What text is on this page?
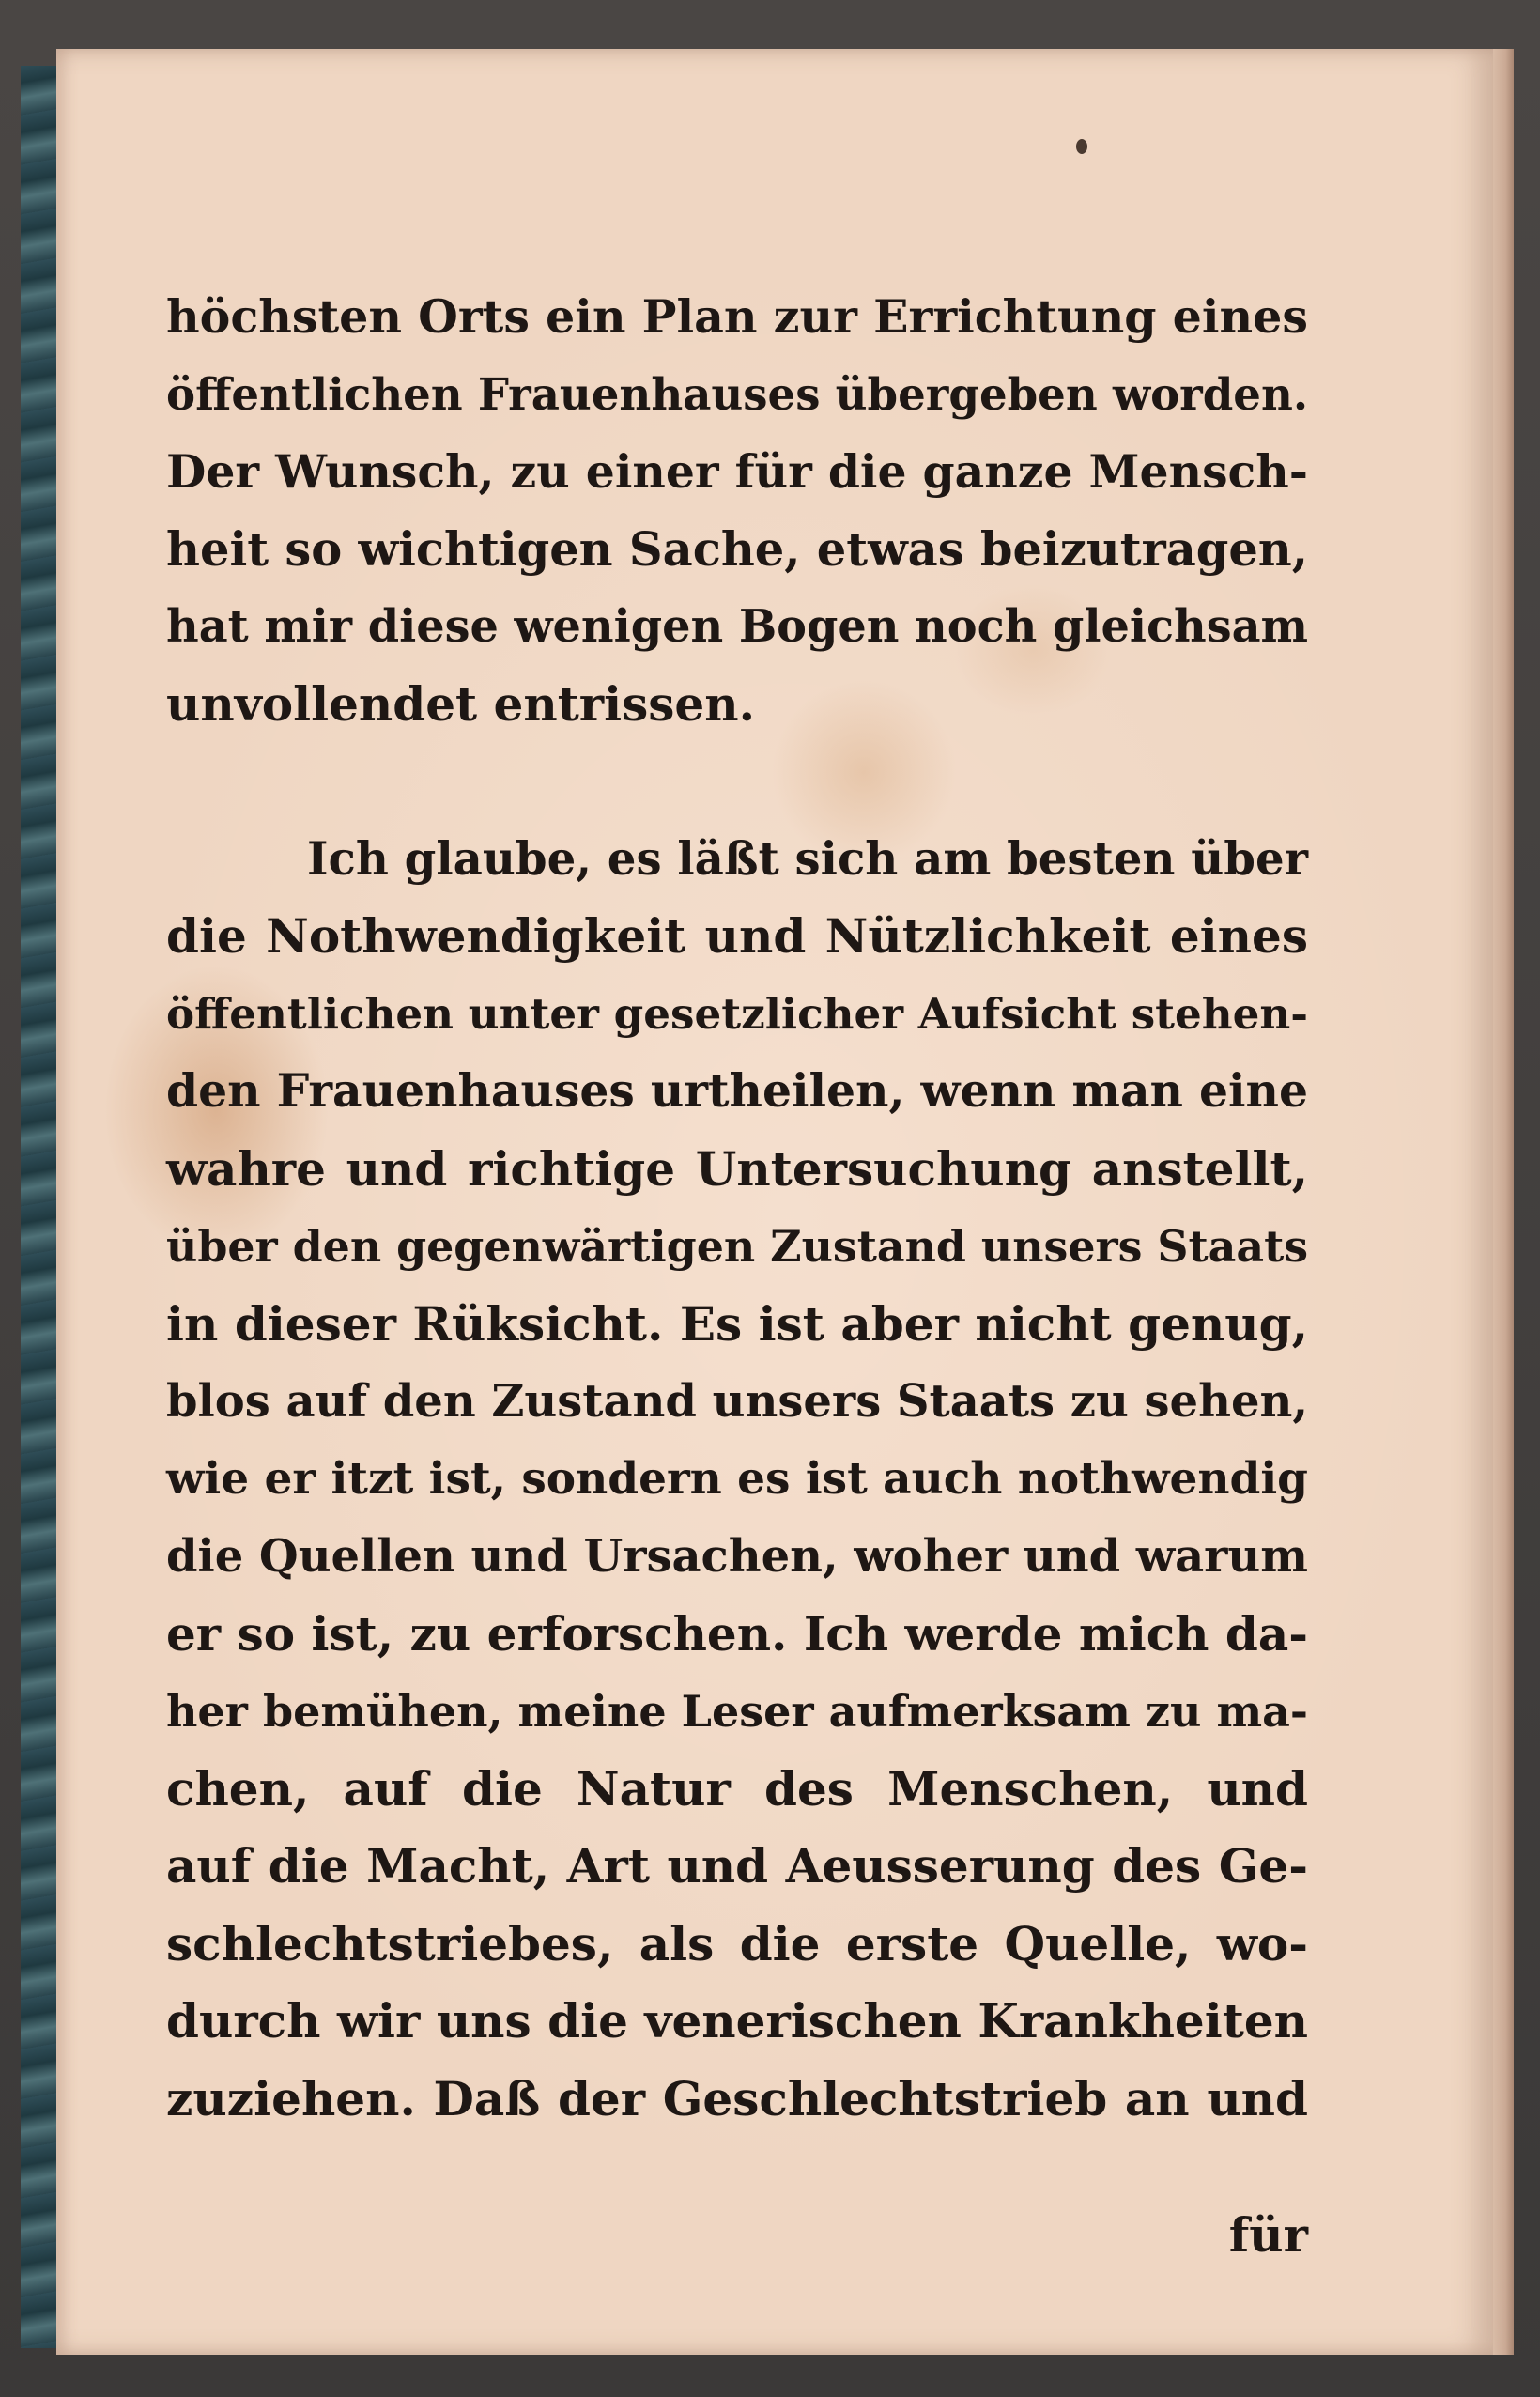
höchsten Orts ein Plan zur Errichtung eines
öffentlichen Frauenhauses übergeben worden.
Der Wunsch, zu einer für die ganze Mensch-
heit so wichtigen Sache, etwas beizutragen,
hat mir diese wenigen Bogen noch gleichsam
unvollendet entrissen.
Ich glaube, es läßt sich am besten über
die Nothwendigkeit und Nützlichkeit eines
öffentlichen unter gesetzlicher Aufsicht stehen-
den Frauenhauses urtheilen, wenn man eine
wahre und richtige Untersuchung anstellt,
über den gegenwärtigen Zustand unsers Staats
in dieser Rüksicht. Es ist aber nicht genug,
blos auf den Zustand unsers Staats zu sehen,
wie er itzt ist, sondern es ist auch nothwendig
die Quellen und Ursachen, woher und warum
er so ist, zu erforschen. Ich werde mich da-
her bemühen, meine Leser aufmerksam zu ma-
chen, auf die Natur des Menschen, und
auf die Macht, Art und Aeusserung des Ge-
schlechtstriebes, als die erste Quelle, wo-
durch wir uns die venerischen Krankheiten
zuziehen. Daß der Geschlechtstrieb an und
für
